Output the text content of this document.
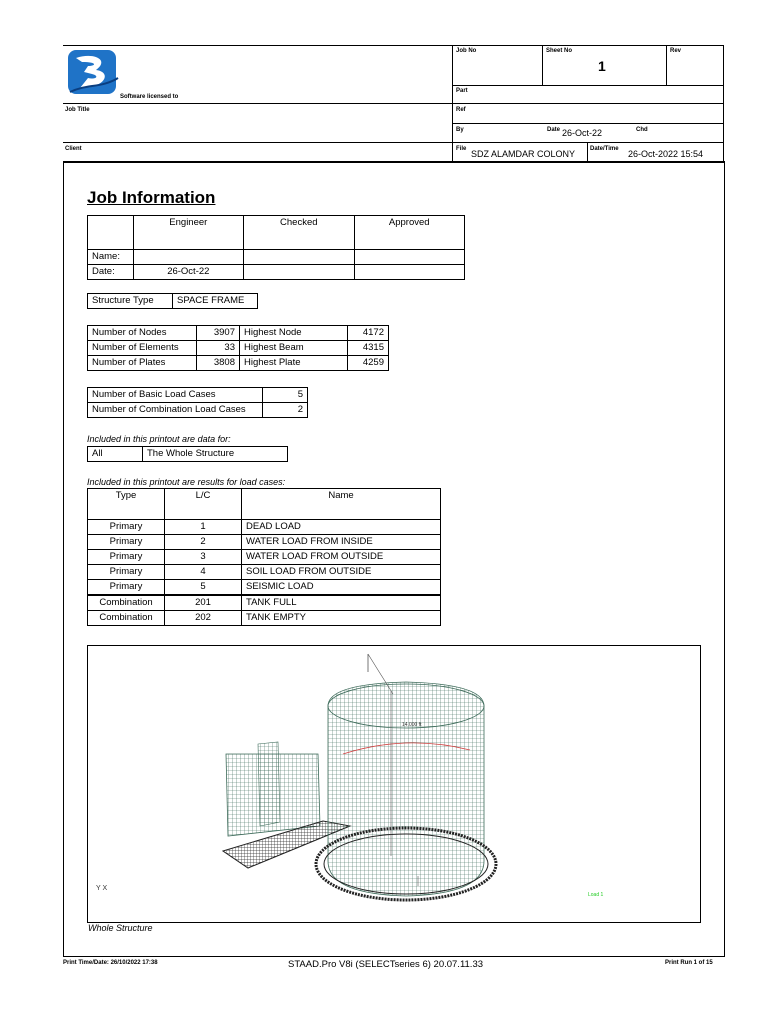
Software licensed to
Job Title
Client
Job No	Sheet No
1
Rev
Part
Ref
By	Date 26-Oct-22	Chd
File SDZ ALAMDAR COLONY	Date/Time 26-Oct-2022 15:54
Job Information
	Engineer	Checked	Approved
Name:			
Date:	26-Oct-22		
Structure Type	SPACE FRAME
Number of Nodes	3907	Highest Node	4172
Number of Elements	33	Highest Beam	4315
Number of Plates	3808	Highest Plate	4259
Number of Basic Load Cases	5
Number of Combination Load Cases	2
Included in this printout are data for:
All	The Whole Structure
Included in this printout are results for load cases:
Type	L/C	Name
Primary	1	DEAD LOAD
Primary	2	WATER LOAD FROM INSIDE
Primary	3	WATER LOAD FROM OUTSIDE
Primary	4	SOIL LOAD FROM OUTSIDE
Primary	5	SEISMIC LOAD
Combination	201	TANK FULL
Combination	202	TANK EMPTY
14.000 ft
Y X
Load 1
Whole Structure
Print Time/Date: 26/10/2022 17:38	STAAD.Pro V8i (SELECTseries 6) 20.07.11.33	Print Run 1 of 15
